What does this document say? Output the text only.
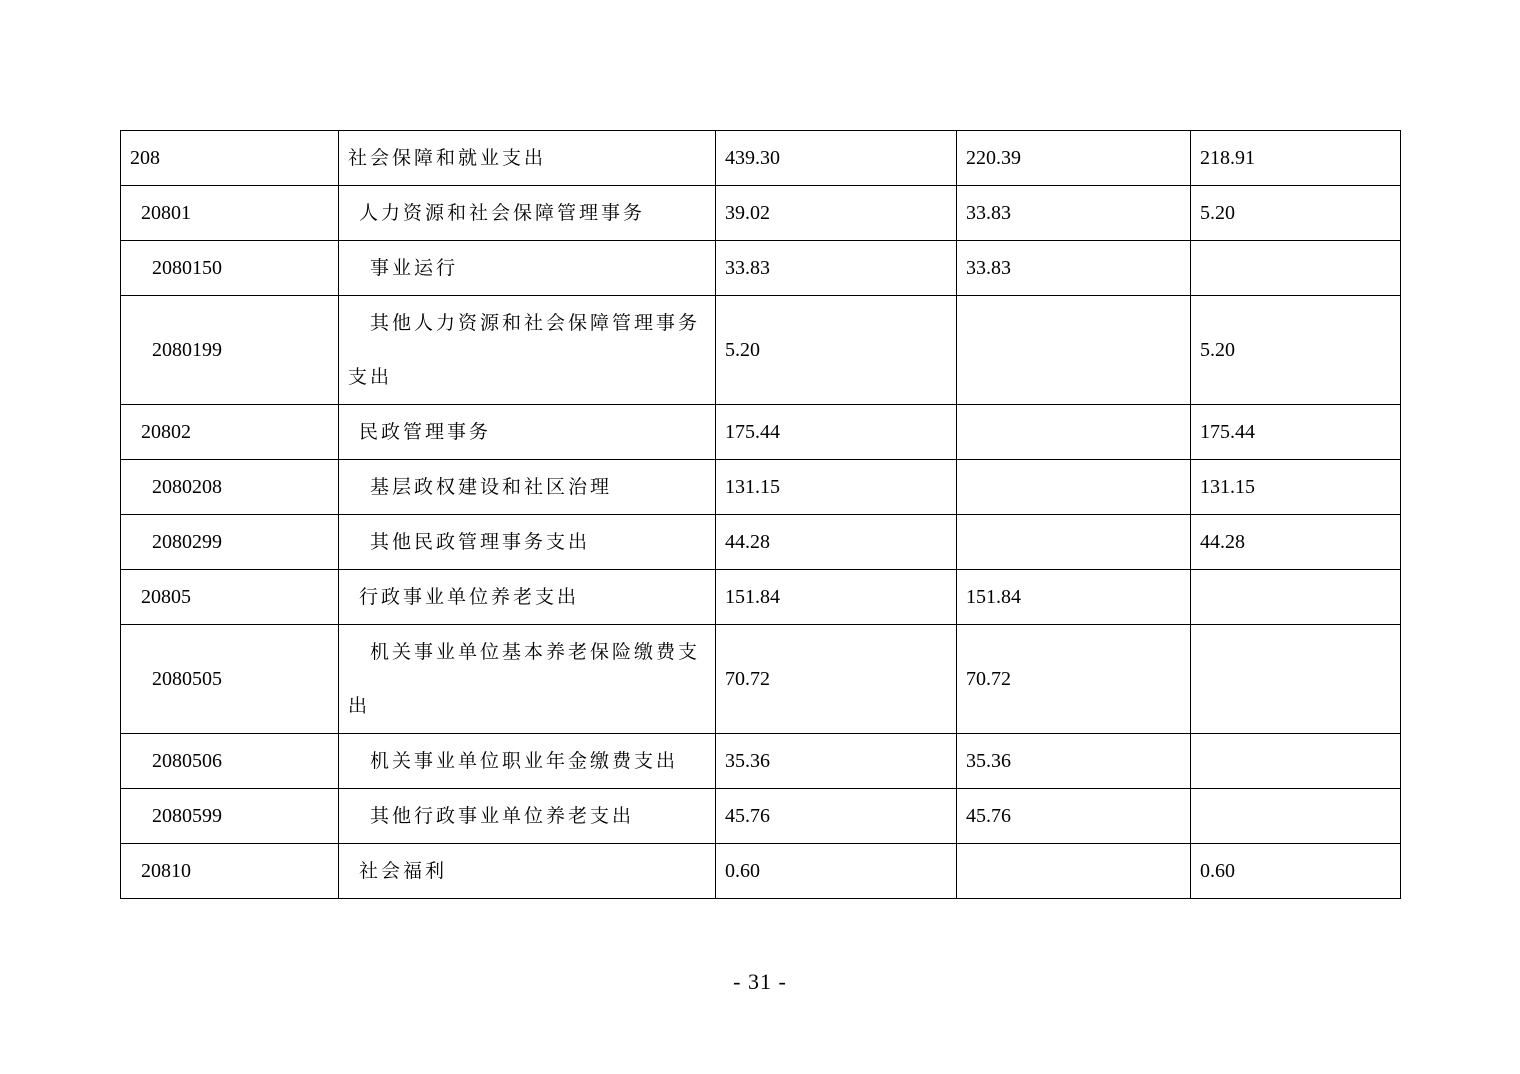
208	社会保障和就业支出	439.30	220.39	218.91
20801	人力资源和社会保障管理事务	39.02	33.83	5.20
2080150	事业运行	33.83	33.83	
2080199	其他人力资源和社会保障管理事务支出	5.20		5.20
20802	民政管理事务	175.44		175.44
2080208	基层政权建设和社区治理	131.15		131.15
2080299	其他民政管理事务支出	44.28		44.28
20805	行政事业单位养老支出	151.84	151.84	
2080505	机关事业单位基本养老保险缴费支出	70.72	70.72	
2080506	机关事业单位职业年金缴费支出	35.36	35.36	
2080599	其他行政事业单位养老支出	45.76	45.76	
20810	社会福利	0.60		0.60
- 31 -
